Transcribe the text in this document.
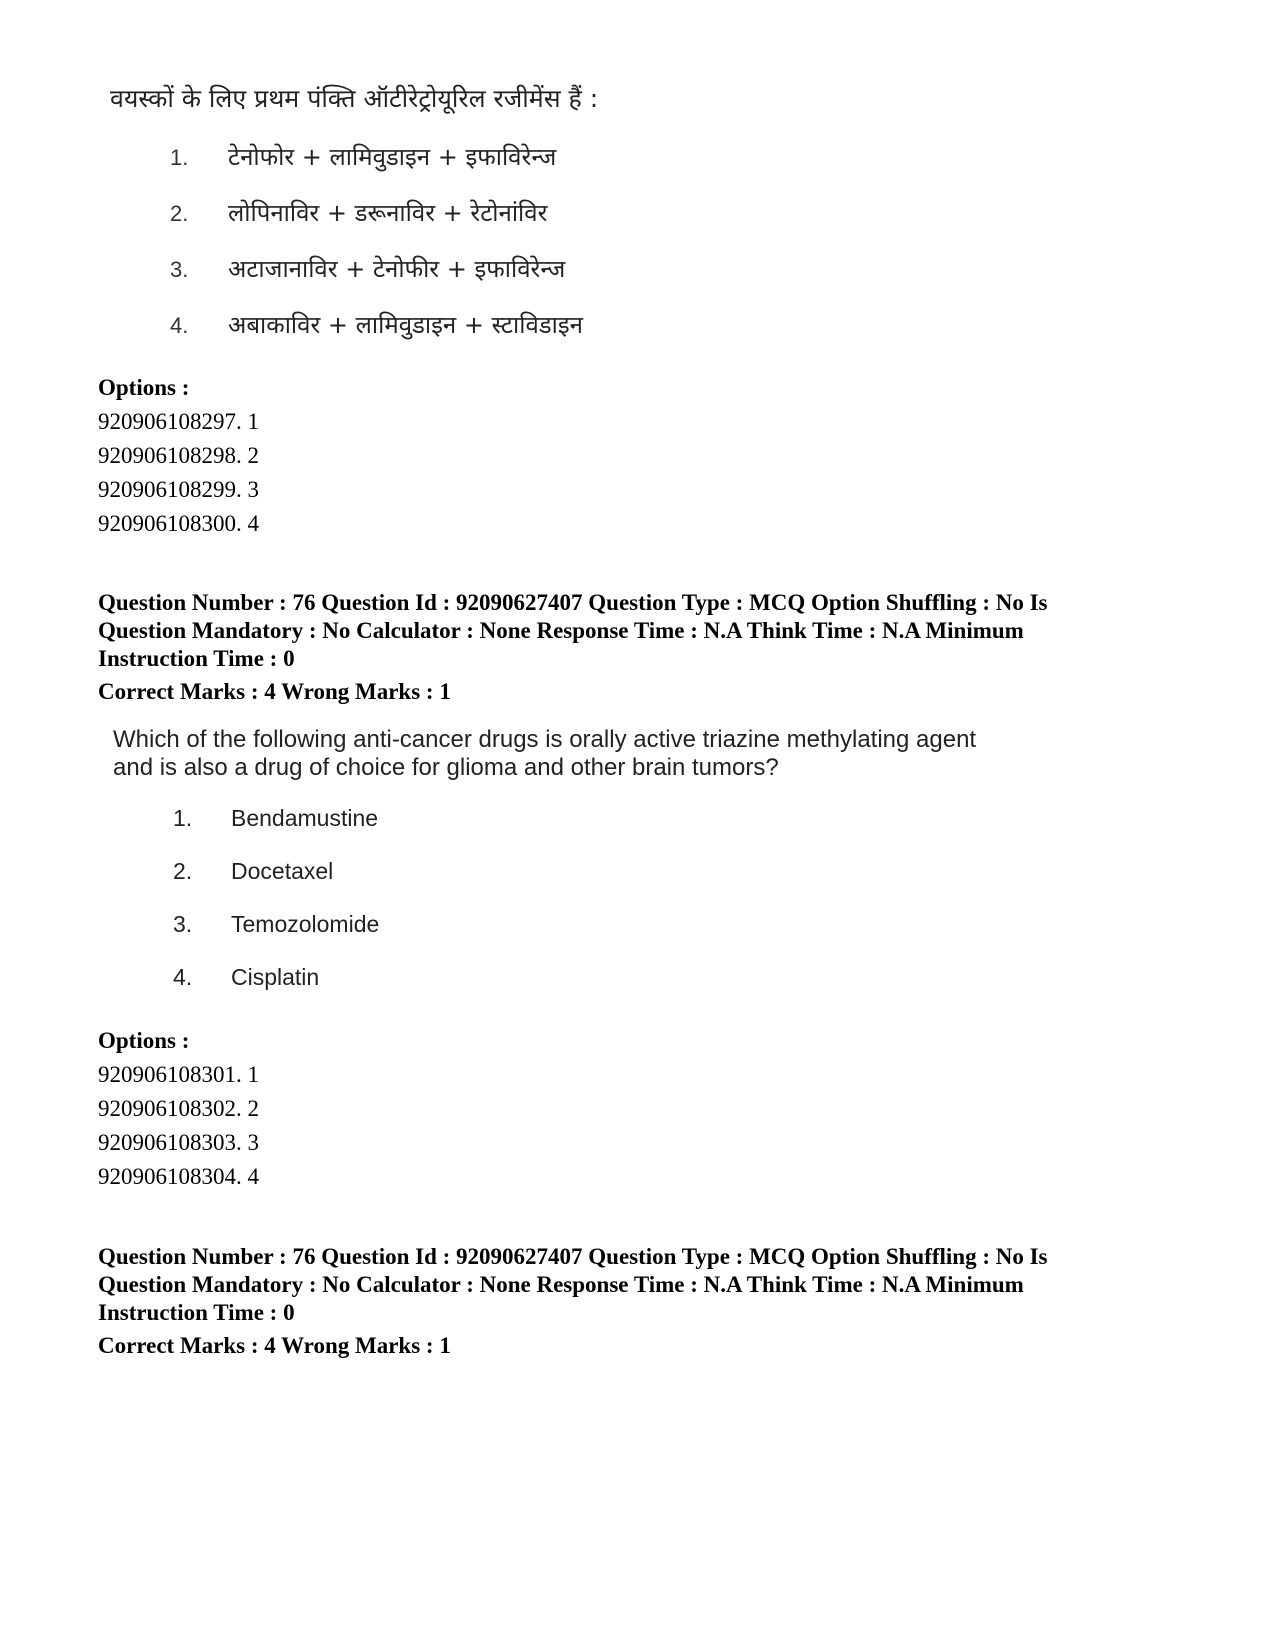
वयस्कों के लिए प्रथम पंक्ति ऑटीरेट्रोयूरिल रजीमेंस हैं :
1. टेनोफोर + लामिवुडाइन + इफाविरेन्ज
2. लोपिनाविर + डरूनाविर + रेटोनांविर
3. अटाजानाविर + टेनोफीर + इफाविरेन्ज
4. अबाकाविर + लामिवुडाइन + स्टाविडाइन
Options :
920906108297. 1
920906108298. 2
920906108299. 3
920906108300. 4
Question Number : 76 Question Id : 92090627407 Question Type : MCQ Option Shuffling : No Is
Question Mandatory : No Calculator : None Response Time : N.A Think Time : N.A Minimum
Instruction Time : 0
Correct Marks : 4 Wrong Marks : 1
Which of the following anti-cancer drugs is orally active triazine methylating agent
and is also a drug of choice for glioma and other brain tumors?
1. Bendamustine
2. Docetaxel
3. Temozolomide
4. Cisplatin
Options :
920906108301. 1
920906108302. 2
920906108303. 3
920906108304. 4
Question Number : 76 Question Id : 92090627407 Question Type : MCQ Option Shuffling : No Is
Question Mandatory : No Calculator : None Response Time : N.A Think Time : N.A Minimum
Instruction Time : 0
Correct Marks : 4 Wrong Marks : 1
